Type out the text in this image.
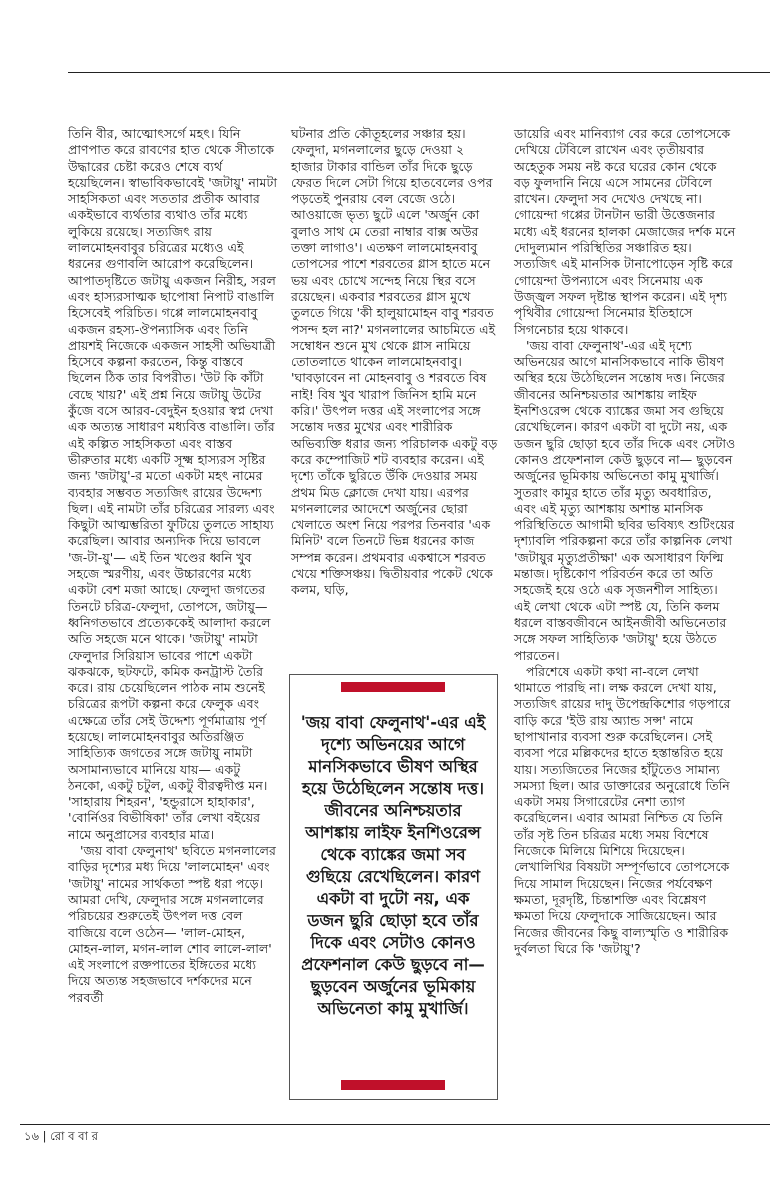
তিনি বীর, আত্মোৎসর্গে মহৎ। যিনি প্রাণপাত করে রাবণের হাত থেকে সীতাকে উদ্ধারের চেষ্টা করেও শেষে ব্যর্থ হয়েছিলেন। স্বাভাবিকভাবেই 'জটায়ু' নামটা সাহসিকতা এবং সততার প্রতীক আবার একইভাবে ব্যর্থতার ব্যথাও তাঁর মধ্যে লুকিয়ে রয়েছে। সত্যজিৎ রায় লালমোহনবাবুর চরিত্রের মধ্যেও এই ধরনের গুণাবলি আরোপ করেছিলেন। আপাতদৃষ্টিতে জটায়ু একজন নিরীহ, সরল এবং হাস্যরসাত্মক ছাপোষা নিপাট বাঙালি হিসেবেই পরিচিত। গপ্পে লালমোহনবাবু একজন রহস্য-ঔপন্যাসিক এবং তিনি প্রায়শই নিজেকে একজন সাহসী অভিযাত্রী হিসেবে কল্পনা করতেন, কিন্তু বাস্তবে ছিলেন ঠিক তার বিপরীত। 'উট কি কাঁটা বেছে খায়?' এই প্রশ্ন নিয়ে জটায়ু উটের কুঁজে বসে আরব-বেদুইন হওয়ার স্বপ্ন দেখা এক অত্যন্ত সাধারণ মধ্যবিত্ত বাঙালি। তাঁর এই কল্পিত সাহসিকতা এবং বাস্তব ভীরুতার মধ্যে একটি সূক্ষ্ম হাস্যরস সৃষ্টির জন্য 'জটায়ু'-র মতো একটা মহৎ নামের ব্যবহার সম্ভবত সত্যজিৎ রায়ের উদ্দেশ্য ছিল। এই নামটা তাঁর চরিত্রের সারল্য এবং কিছুটা আত্মম্ভরিতা ফুটিয়ে তুলতে সাহায্য করেছিল। আবার অন্যদিক দিয়ে ভাবলে 'জ-টা-য়ু'— এই তিন খণ্ডের ধ্বনি খুব সহজে স্মরণীয়, এবং উচ্চারণের মধ্যে একটা বেশ মজা আছে। ফেলুদা জগতের তিনটে চরিত্র-ফেলুদা, তোপসে, জটায়ু— ধ্বনিগতভাবে প্রত্যেককেই আলাদা করলে অতি সহজে মনে থাকে। 'জটায়ু' নামটা ফেলুদার সিরিয়াস ভাবের পাশে একটা ঝকঝকে, ছটফটে, কমিক কনট্রাস্ট তৈরি করে। রায় চেয়েছিলেন পাঠক নাম শুনেই চরিত্রের রূপটা কল্পনা করে ফেলুক এবং এক্ষেত্রে তাঁর সেই উদ্দেশ্য পূর্ণমাত্রায় পূর্ণ হয়েছে। লালমোহনবাবুর অতিরঞ্জিত সাহিত্যিক জগতের সঙ্গে জটায়ু নামটা অসামান্যভাবে মানিয়ে যায়— একটু ঠনকো, একটু চটুল, একটু বীরত্বদীপ্ত মন। 'সাহারায় শিহরন', 'হন্ডুরাসে হাহাকার', 'বোর্নিওর বিভীষিকা' তাঁর লেখা বইয়ের নামে অনুপ্রাসের ব্যবহার মাত্র।

'জয় বাবা ফেলুনাথ' ছবিতে মগনলালের বাড়ির দৃশ্যের মধ্য দিয়ে 'লালমোহন' এবং 'জটায়ু' নামের সার্থকতা স্পষ্ট ধরা পড়ে। আমরা দেখি, ফেলুদার সঙ্গে মগনলালের পরিচয়ের শুরুতেই উৎপল দত্ত বেল বাজিয়ে বলে ওঠেন— 'লাল-মোহন, মোহন-লাল, মগন-লাল শোব লালে-লাল' এই সংলাপে রক্তপাতের ইঙ্গিতের মধ্যে দিয়ে অত্যন্ত সহজভাবে দর্শকদের মনে পরবর্তী

ঘটনার প্রতি কৌতূহলের সঞ্চার হয়। ফেলুদা, মগনলালের ছুড়ে দেওয়া ২ হাজার টাকার বান্ডিল তাঁর দিকে ছুড়ে ফেরত দিলে সেটা গিয়ে হাতবেলের ওপর পড়তেই পুনরায় বেল বেজে ওঠে। আওয়াজে ভৃত্য ছুটে এলে 'অর্জুন কো বুলাও সাথ মে তেরা নাম্বার বাক্স অউর তক্তা লাগাও'। এতক্ষণ লালমোহনবাবু তোপসের পাশে শরবতের গ্লাস হাতে মনে ভয় এবং চোখে সন্দেহ নিয়ে স্থির বসে রয়েছেন। একবার শরবতের গ্লাস মুখে তুলতে গিয়ে 'কী হালুয়ামোহন বাবু শরবত পসন্দ হল না?' মগনলালের আচমিতে এই সম্বোধন শুনে মুখ থেকে গ্লাস নামিয়ে তোতলাতে থাকেন লালমোহনবাবু। 'ঘাবড়াবেন না মোহনবাবু ও শরবতে বিষ নাই! বিষ খুব খারাপ জিনিস হামি মনে করি।' উৎপল দত্তর এই সংলাপের সঙ্গে সন্তোষ দত্তর মুখের এবং শারীরিক অভিব্যক্তি ধরার জন্য পরিচালক একটু বড় করে কম্পোজিট শট ব্যবহার করেন। এই দৃশ্যে তাঁকে ছুরিতে উঁকি দেওয়ার সময় প্রথম মিড ক্লোজে দেখা যায়। এরপর মগনলালের আদেশে অর্জুনের ছোরা খেলাতে অংশ নিয়ে পরপর তিনবার 'এক মিনিট' বলে তিনটে ভিন্ন ধরনের কাজ সম্পন্ন করেন। প্রথমবার একশ্বাসে শরবত খেয়ে শক্তিসঞ্চয়। দ্বিতীয়বার পকেট থেকে কলম, ঘড়ি,

'জয় বাবা ফেলুনাথ'-এর এই দৃশ্যে অভিনয়ের আগে মানসিকভাবে ভীষণ অস্থির হয়ে উঠেছিলেন সন্তোষ দত্ত। জীবনের অনিশ্চয়তার আশঙ্কায় লাইফ ইনশিওরেন্স থেকে ব্যাঙ্কের জমা সব গুছিয়ে রেখেছিলেন। কারণ একটা বা দুটো নয়, এক ডজন ছুরি ছোড়া হবে তাঁর দিকে এবং সেটাও কোনও প্রফেশনাল কেউ ছুড়বে না— ছুড়বেন অর্জুনের ভূমিকায় অভিনেতা কামু মুখার্জি।

ডায়েরি এবং মানিব্যাগ বের করে তোপসেকে দেখিয়ে টেবিলে রাখেন এবং তৃতীয়বার অহেতুক সময় নষ্ট করে ঘরের কোন থেকে বড় ফুলদানি নিয়ে এসে সামনের টেবিলে রাখেন। ফেলুদা সব দেখেও দেখছে না। গোয়েন্দা গপ্পের টানটান ভারী উত্তেজনার মধ্যে এই ধরনের হালকা মেজাজের দর্শক মনে দোদুল্যমান পরিস্থিতির সঞ্চারিত হয়। সত্যজিৎ এই মানসিক টানাপোড়েন সৃষ্টি করে গোয়েন্দা উপন্যাসে এবং সিনেমায় এক উজ্জ্বল সফল দৃষ্টান্ত স্থাপন করেন। এই দৃশ্য পৃথিবীর গোয়েন্দা সিনেমার ইতিহাসে সিগনেচার হয়ে থাকবে।

'জয় বাবা ফেলুনাথ'-এর এই দৃশ্যে অভিনয়ের আগে মানসিকভাবে নাকি ভীষণ অস্থির হয়ে উঠেছিলেন সন্তোষ দত্ত। নিজের জীবনের অনিশ্চয়তার আশঙ্কায় লাইফ ইনশিওরেন্স থেকে ব্যাঙ্কের জমা সব গুছিয়ে রেখেছিলেন। কারণ একটা বা দুটো নয়, এক ডজন ছুরি ছোড়া হবে তাঁর দিকে এবং সেটাও কোনও প্রফেশনাল কেউ ছুড়বে না— ছুড়বেন অর্জুনের ভূমিকায় অভিনেতা কামু মুখার্জি। সুতরাং কামুর হাতে তাঁর মৃত্যু অবধারিত, এবং এই মৃত্যু আশঙ্কায় অশান্ত মানসিক পরিস্থিতিতে আগামী ছবির ভবিষ্যৎ শুটিংয়ের দৃশ্যাবলি পরিকল্পনা করে তাঁর কাল্পনিক লেখা 'জটায়ুর মৃত্যুপ্রতীক্ষা' এক অসাধারণ ফিল্মি মন্তাজ। দৃষ্টিকোণ পরিবর্তন করে তা অতি সহজেই হয়ে ওঠে এক সৃজনশীল সাহিত্য। এই লেখা থেকে এটা স্পষ্ট যে, তিনি কলম ধরলে বাস্তবজীবনে আইনজীবী অভিনেতার সঙ্গে সফল সাহিত্যিক 'জটায়ু' হয়ে উঠতে পারতেন।

পরিশেষে একটা কথা না-বলে লেখা থামাতে পারছি না। লক্ষ করলে দেখা যায়, সত্যজিৎ রায়ের দাদু উপেন্দ্রকিশোর গড়পারে বাড়ি করে 'ইউ রায় অ্যান্ড সন্স' নামে ছাপাখানার ব্যবসা শুরু করেছিলেন। সেই ব্যবসা পরে মল্লিকদের হাতে হস্তান্তরিত হয়ে যায়। সত্যজিতের নিজের হাঁটুতেও সামান্য সমস্যা ছিল। আর ডাক্তারের অনুরোধে তিনি একটা সময় সিগারেটের নেশা ত্যাগ করেছিলেন। এবার আমরা নিশ্চিত যে তিনি তাঁর সৃষ্ট তিন চরিত্রর মধ্যে সময় বিশেষে নিজেকে মিলিয়ে মিশিয়ে দিয়েছেন। লেখালিখির বিষয়টা সম্পূর্ণভাবে তোপসেকে দিয়ে সামাল দিয়েছেন। নিজের পর্যবেক্ষণ ক্ষমতা, দূরদৃষ্টি, চিন্তাশক্তি এবং বিশ্লেষণ ক্ষমতা দিয়ে ফেলুদাকে সাজিয়েছেন। আর নিজের জীবনের কিছু বাল্যস্মৃতি ও শারীরিক দুর্বলতা ঘিরে কি 'জটায়ু'?

১৬ | রো ব বা র
